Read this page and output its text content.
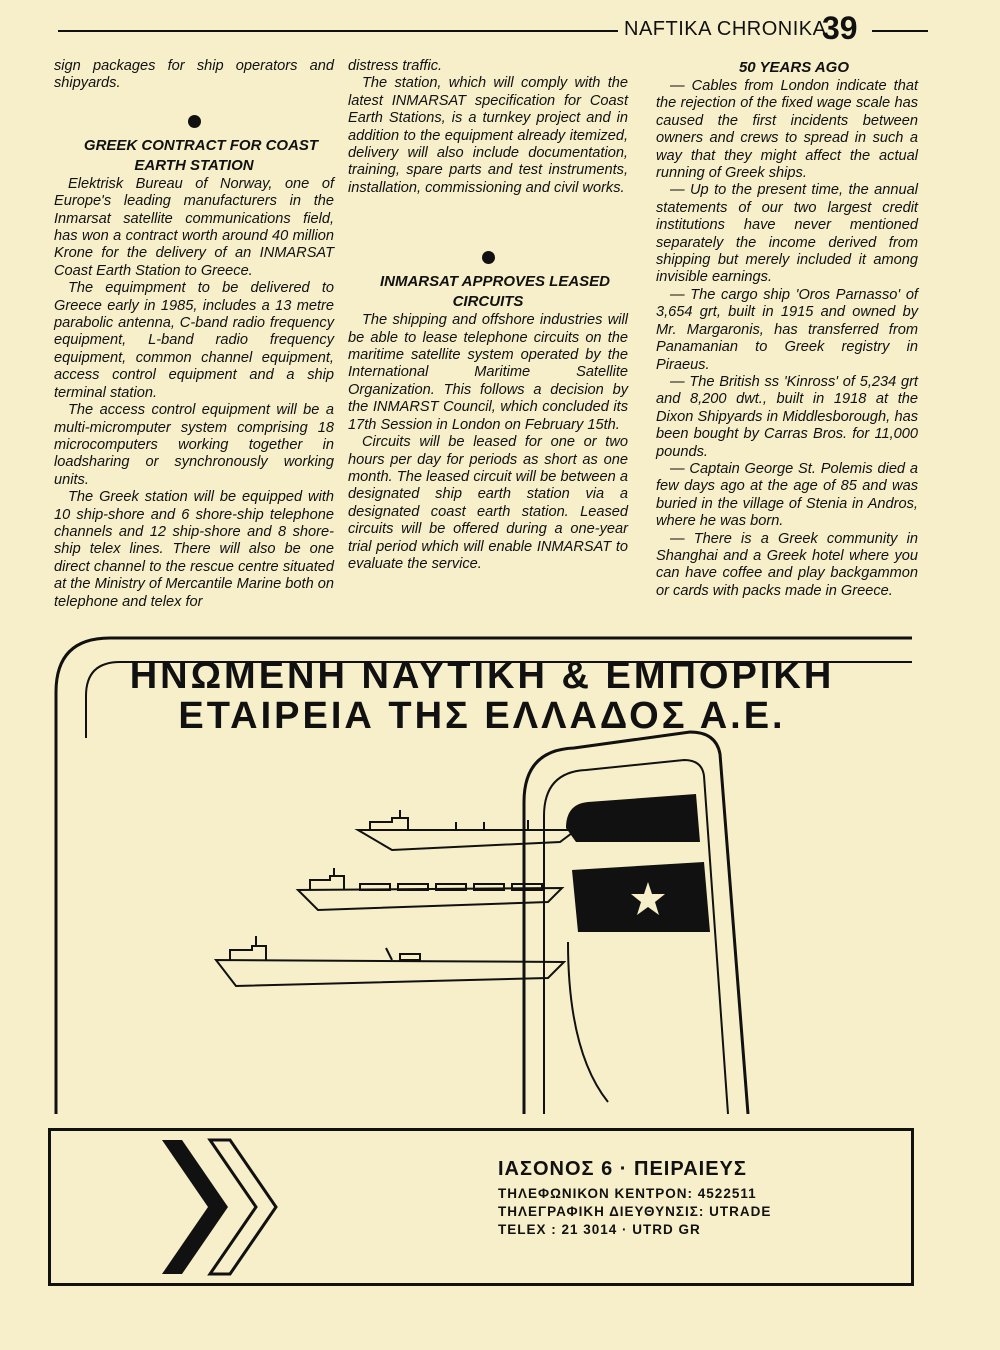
NAFTIKA CHRONIKA
39

sign packages for ship operators and shipyards.

GREEK CONTRACT FOR COAST EARTH STATION

Elektrisk Bureau of Norway, one of Europe's leading manufacturers in the Inmarsat satellite communications field, has won a contract worth around 40 million Krone for the delivery of an INMARSAT Coast Earth Station to Greece.

The equimpment to be delivered to Greece early in 1985, includes a 13 metre parabolic antenna, C-band radio frequency equipment, L-band radio frequency equipment, common channel equipment, access control equipment and a ship terminal station.

The access control equipment will be a multi-micromputer system comprising 18 microcomputers working together in loadsharing or synchronously working units.

The Greek station will be equipped with 10 ship-shore and 6 shore-ship telephone channels and 12 ship-shore and 8 shore-ship telex lines. There will also be one direct channel to the rescue centre situated at the Ministry of Mercantile Marine both on telephone and telex for

distress traffic.

The station, which will comply with the latest INMARSAT specification for Coast Earth Stations, is a turnkey project and in addition to the equipment already itemized, delivery will also include documentation, training, spare parts and test instruments, installation, commissioning and civil works.

INMARSAT APPROVES LEASED CIRCUITS

The shipping and offshore industries will be able to lease telephone circuits on the maritime satellite system operated by the International Maritime Satellite Organization. This follows a decision by the INMARST Council, which concluded its 17th Session in London on February 15th.

Circuits will be leased for one or two hours per day for periods as short as one month. The leased circuit will be between a designated ship earth station via a designated coast earth station. Leased circuits will be offered during a one-year trial period which will enable INMARSAT to evaluate the service.

50 YEARS AGO

— Cables from London indicate that the rejection of the fixed wage scale has caused the first incidents between owners and crews to spread in such a way that they might affect the actual running of Greek ships.

— Up to the present time, the annual statements of our two largest credit institutions have never mentioned separately the income derived from shipping but merely included it among invisible earnings.

— The cargo ship 'Oros Parnasso' of 3,654 grt, built in 1915 and owned by Mr. Margaronis, has transferred from Panamanian to Greek registry in Piraeus.

— The British ss 'Kinross' of 5,234 grt and 8,200 dwt., built in 1918 at the Dixon Shipyards in Middlesborough, has been bought by Carras Bros. for 11,000 pounds.

— Captain George St. Polemis died a few days ago at the age of 85 and was buried in the village of Stenia in Andros, where he was born.

— There is a Greek community in Shanghai and a Greek hotel where you can have coffee and play backgammon or cards with packs made in Greece.

ΗΝΩΜΕΝΗ ΝΑΥΤΙΚΗ & ΕΜΠΟΡΙΚΗ
ΕΤΑΙΡΕΙΑ ΤΗΣ ΕΛΛΑΔΟΣ Α.Ε.
ΙΑΣΟΝΟΣ 6 · ΠΕΙΡΑΙΕΥΣ
ΤΗΛΕΦΩΝΙΚΟΝ ΚΕΝΤΡΟΝ: 4522511
ΤΗΛΕΓΡΑΦΙΚΗ ΔΙΕΥΘΥΝΣΙΣ: UTRADE
TELEX : 21 3014 · UTRD GR
